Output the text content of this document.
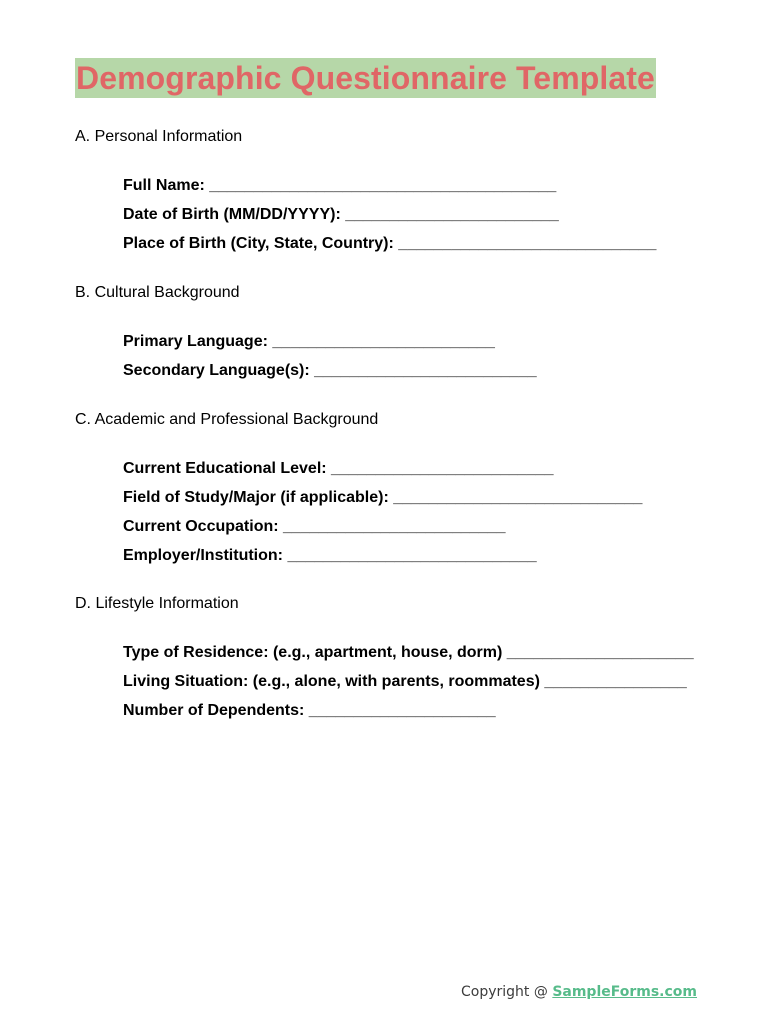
Demographic Questionnaire Template
A. Personal Information
Full Name: _______________________________________
Date of Birth (MM/DD/YYYY): ________________________
Place of Birth (City, State, Country): _____________________________
B. Cultural Background
Primary Language: _________________________
Secondary Language(s): _________________________
C. Academic and Professional Background
Current Educational Level: _________________________
Field of Study/Major (if applicable): ____________________________
Current Occupation: _________________________
Employer/Institution: ____________________________
D. Lifestyle Information
Type of Residence: (e.g., apartment, house, dorm) _____________________
Living Situation: (e.g., alone, with parents, roommates) ________________
Number of Dependents: _____________________
Copyright @ SampleForms.com
